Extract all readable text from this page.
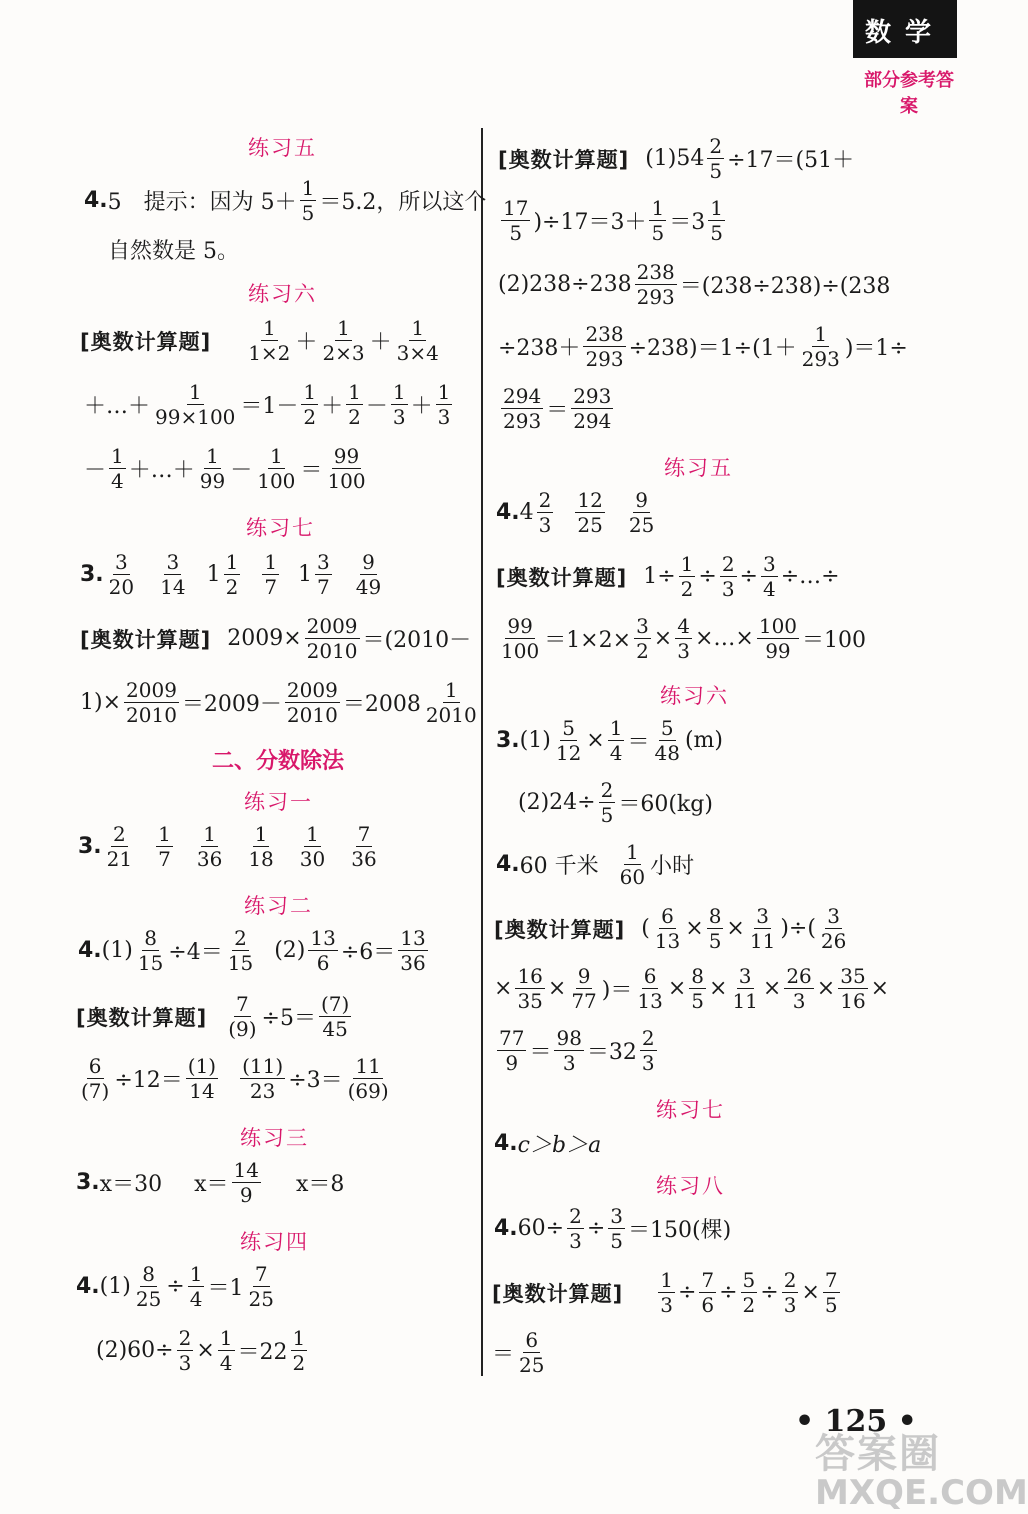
数学
部分参考答案
练习五
4. 5　提示：因为 $5+ \frac{1}{5} =5.2$，所以这个
自然数是 5。
练习六
[奥数计算题] $\frac{1}{1\times 2} + \frac{1}{2\times 3} + \frac{1}{3\times 4}$
＋…＋ $\frac{1}{99\times 100} =1- \frac{1}{2} + \frac{1}{2} - \frac{1}{3} + \frac{1}{3}$
－ $\frac{1}{4}$ ＋…＋ $\frac{1}{99} - \frac{1}{100} = \frac{99}{100}$
练习七
3. $\frac{3}{20} \frac{3}{14} 1 \frac{1}{2} \frac{1}{7} 1 \frac{3}{7} \frac{9}{49}$
[奥数计算题] $2009\times \frac{2009}{2010} =(2010-$
$1)\times \frac{2009}{2010} =2009- \frac{2009}{2010} =2008 \frac{1}{2010}$
二、分数除法
练习一
3. $\frac{2}{21} \frac{1}{7} \frac{1}{36} \frac{1}{18} \frac{1}{30} \frac{7}{36}$
练习二
4. $(1) \frac{8}{15} \div 4= \frac{2}{15} (2) \frac{13}{6} \div 6= \frac{13}{36}$
[奥数计算题] $\frac{7}{(9)} \div 5= \frac{(7)}{45}$
$\frac{6}{(7)} \div 12= \frac{(1)}{14} \frac{(11)}{23} \div 3= \frac{11}{(69)}$
练习三
3. x＝30 $x= \frac{14}{9} x=8$
练习四
4. $(1) \frac{8}{25} \div \frac{1}{4} =1 \frac{7}{25}$
$(2)60\div \frac{2}{3} \times \frac{1}{4} =22 \frac{1}{2}$
[奥数计算题] $(1)54 \frac{2}{5} \div 17=(51+$
$\frac{17}{5} )\div 17=3+ \frac{1}{5} =3 \frac{1}{5}$
$(2)238\div 238 \frac{238}{293} =(238\div 238)\div(238$
$\div 238+ \frac{238}{293} \div 238)=1\div(1+ \frac{1}{293} )=1\div$
$\frac{294}{293} = \frac{293}{294}$
练习五
4. $4 \frac{2}{3} \frac{12}{25} \frac{9}{25}$
[奥数计算题] $1\div \frac{1}{2} \div \frac{2}{3} \div \frac{3}{4}$ ÷…÷
$\frac{99}{100} =1\times 2\times \frac{3}{2} \times \frac{4}{3}$ ×…× $\frac{100}{99} =100$
练习六
3. $(1) \frac{5}{12} \times \frac{1}{4} = \frac{5}{48} (m)$
$(2)24\div \frac{2}{5} =60(kg)$
4. 60 千米 $\frac{1}{60}$ 小时
[奥数计算题] ( $\frac{6}{13} \times \frac{8}{5} \times \frac{3}{11}$ )÷( $\frac{3}{26}$
× $\frac{16}{35} \times \frac{9}{77}$ )＝ $\frac{6}{13} \times \frac{8}{5} \times \frac{3}{11} \times \frac{26}{3} \times \frac{35}{16}$ ×
$\frac{77}{9} = \frac{98}{3} =32 \frac{2}{3}$
练习七
4. c＞b＞a
练习八
4. $60\div \frac{2}{3} \div \frac{3}{5} =150$(棵)
[奥数计算题] $\frac{1}{3} \div \frac{7}{6} \div \frac{5}{2} \div \frac{2}{3} \times \frac{7}{5}$
＝ $\frac{6}{25}$
• 125 •
答案圈
MXQE.COM
